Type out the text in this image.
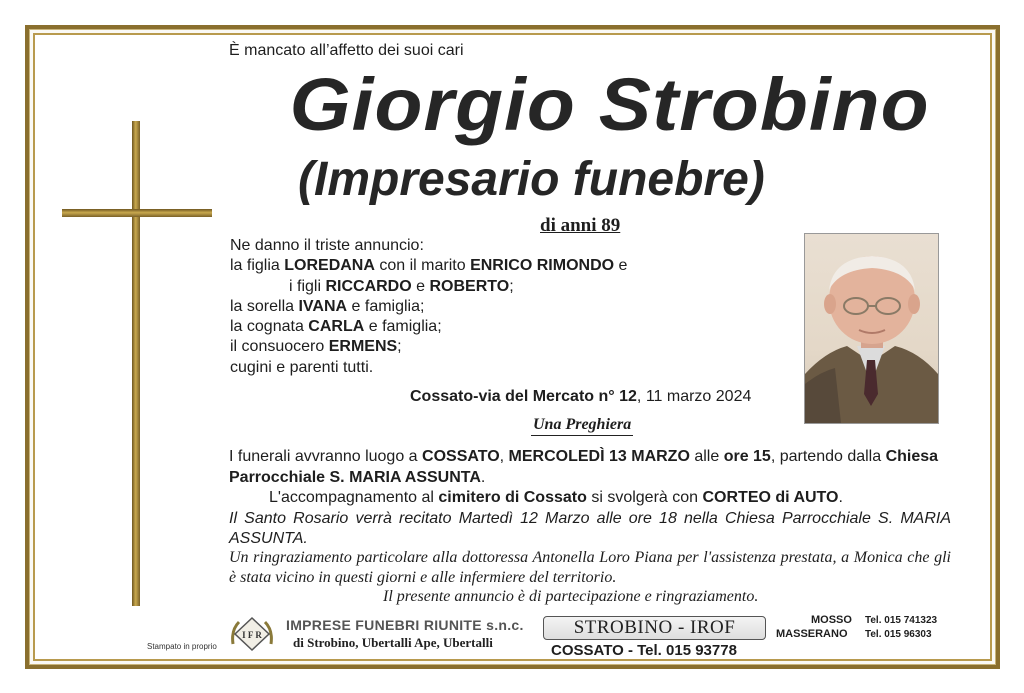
È mancato all’affetto dei suoi cari
Giorgio Strobino
(Impresario funebre)
di anni 89
Ne danno il triste annuncio:
la figlia LOREDANA con il marito ENRICO RIMONDO e
i figli RICCARDO e ROBERTO;
la sorella IVANA e famiglia;
la cognata CARLA e famiglia;
il consuocero ERMENS;
cugini e parenti tutti.
Cossato-via del Mercato n° 12, 11 marzo 2024
Una Preghiera

I funerali avvranno luogo a COSSATO, MERCOLEDÌ 13 MARZO alle ore 15, partendo dalla Chiesa Parrocchiale S. MARIA ASSUNTA.

L'accompagnamento al cimitero di Cossato si svolgerà con CORTEO di AUTO.

Il Santo Rosario verrà recitato Martedì 12 Marzo alle ore 18 nella Chiesa Parrocchiale S. MARIA ASSUNTA.

Un ringraziamento particolare alla dottoressa Antonella Loro Piana per l'assistenza prestata, a Monica che gli è stata vicino in questi giorni e alle infermiere del territorio.
Il presente annuncio è di partecipazione e ringraziamento.
Stampato in proprio
I F R
IMPRESE FUNEBRI RIUNITE s.n.c.
di Strobino, Ubertalli Ape, Ubertalli
STROBINO - IROF
COSSATO - Tel. 015 93778
MOSSO Tel. 015 741323
MASSERANO Tel. 015 96303
